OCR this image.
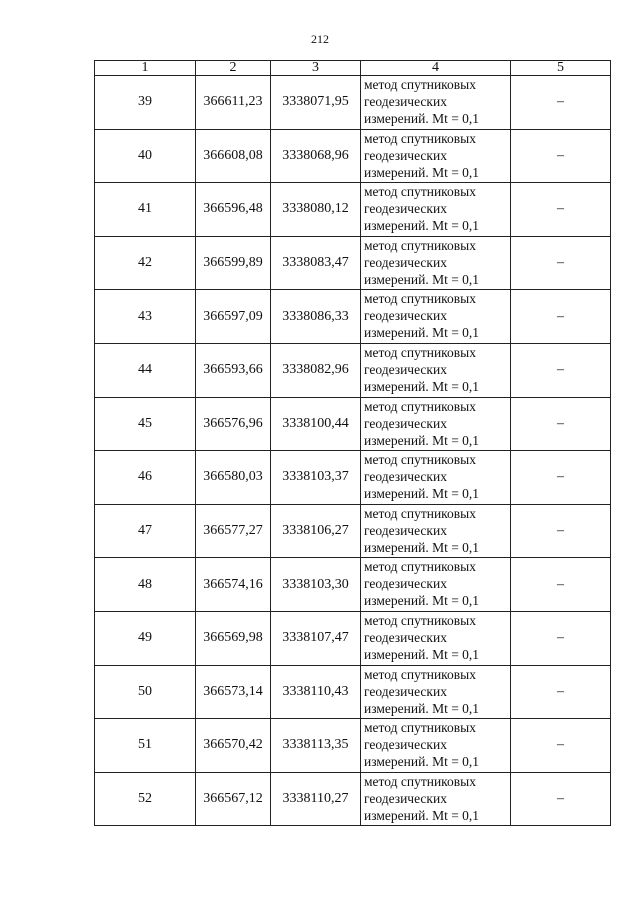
212
1	2	3	4	5
39	366611,23	3338071,95	метод спутниковых
геодезических
измерений. Mt = 0,1	–
40	366608,08	3338068,96	метод спутниковых
геодезических
измерений. Mt = 0,1	–
41	366596,48	3338080,12	метод спутниковых
геодезических
измерений. Mt = 0,1	–
42	366599,89	3338083,47	метод спутниковых
геодезических
измерений. Mt = 0,1	–
43	366597,09	3338086,33	метод спутниковых
геодезических
измерений. Mt = 0,1	–
44	366593,66	3338082,96	метод спутниковых
геодезических
измерений. Mt = 0,1	–
45	366576,96	3338100,44	метод спутниковых
геодезических
измерений. Mt = 0,1	–
46	366580,03	3338103,37	метод спутниковых
геодезических
измерений. Mt = 0,1	–
47	366577,27	3338106,27	метод спутниковых
геодезических
измерений. Mt = 0,1	–
48	366574,16	3338103,30	метод спутниковых
геодезических
измерений. Mt = 0,1	–
49	366569,98	3338107,47	метод спутниковых
геодезических
измерений. Mt = 0,1	–
50	366573,14	3338110,43	метод спутниковых
геодезических
измерений. Mt = 0,1	–
51	366570,42	3338113,35	метод спутниковых
геодезических
измерений. Mt = 0,1	–
52	366567,12	3338110,27	метод спутниковых
геодезических
измерений. Mt = 0,1	–
